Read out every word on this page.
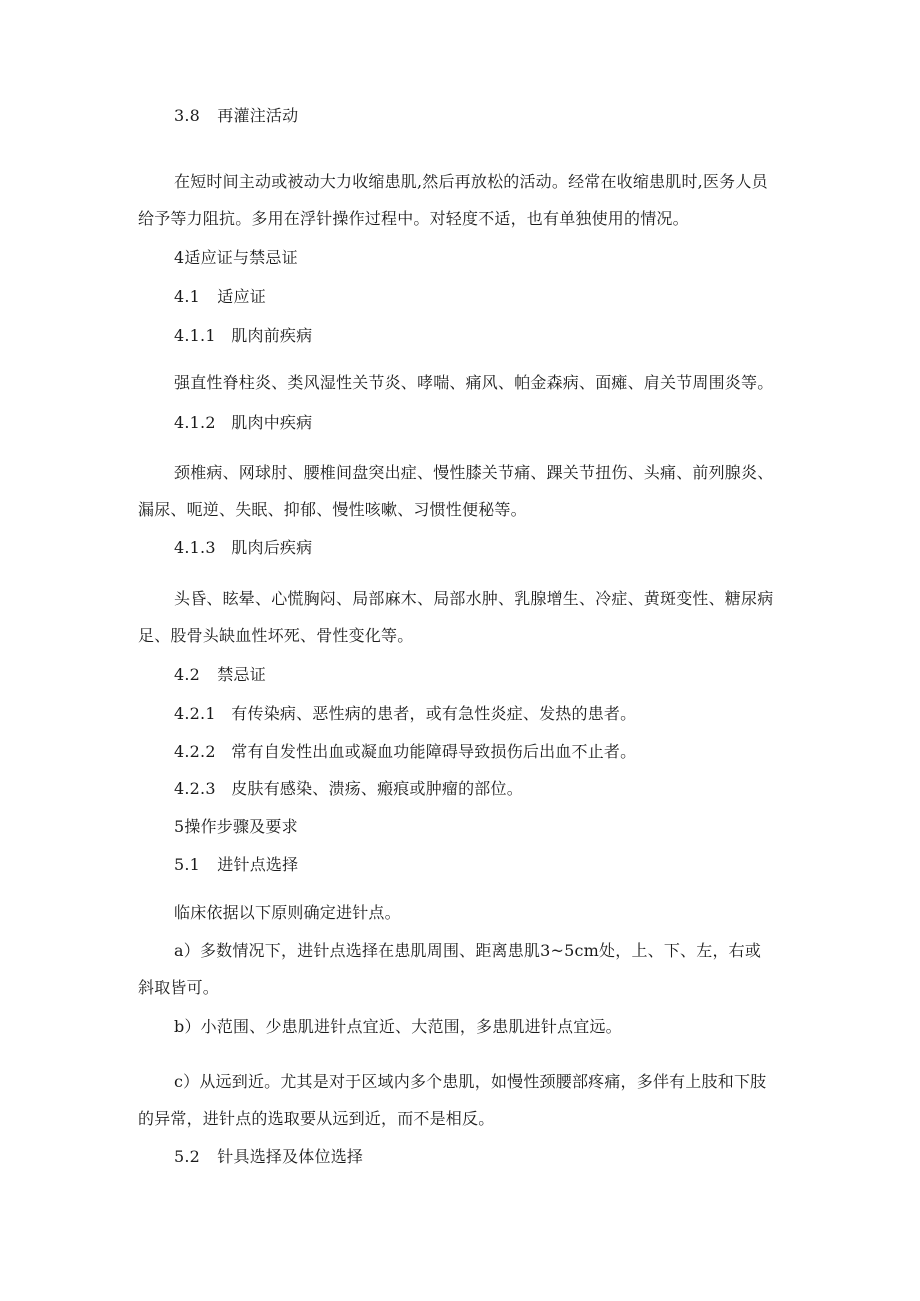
3.8 再灌注活动
在短时间主动或被动大力收缩患肌,然后再放松的活动。经常在收缩患肌时,医务人员给予等力阻抗。多用在浮针操作过程中。对轻度不适，也有单独使用的情况。
4适应证与禁忌证
4.1 适应证
4.1.1 肌肉前疾病
强直性脊柱炎、类风湿性关节炎、哮喘、痛风、帕金森病、面瘫、肩关节周围炎等。
4.1.2 肌肉中疾病
颈椎病、网球肘、腰椎间盘突出症、慢性膝关节痛、踝关节扭伤、头痛、前列腺炎、漏尿、呃逆、失眠、抑郁、慢性咳嗽、习惯性便秘等。
4.1.3 肌肉后疾病
头昏、眩晕、心慌胸闷、局部麻木、局部水肿、乳腺增生、冷症、黄斑变性、糖尿病足、股骨头缺血性坏死、骨性变化等。
4.2 禁忌证
4.2.1 有传染病、恶性病的患者，或有急性炎症、发热的患者。
4.2.2 常有自发性出血或凝血功能障碍导致损伤后出血不止者。
4.2.3 皮肤有感染、溃疡、瘢痕或肿瘤的部位。
5操作步骤及要求
5.1 进针点选择
临床依据以下原则确定进针点。
a）多数情况下，进针点选择在患肌周围、距离患肌3~5cm处，上、下、左，右或斜取皆可。
b）小范围、少患肌进针点宜近、大范围，多患肌进针点宜远。
c）从远到近。尤其是对于区域内多个患肌，如慢性颈腰部疼痛，多伴有上肢和下肢的异常，进针点的选取要从远到近，而不是相反。
5.2 针具选择及体位选择
